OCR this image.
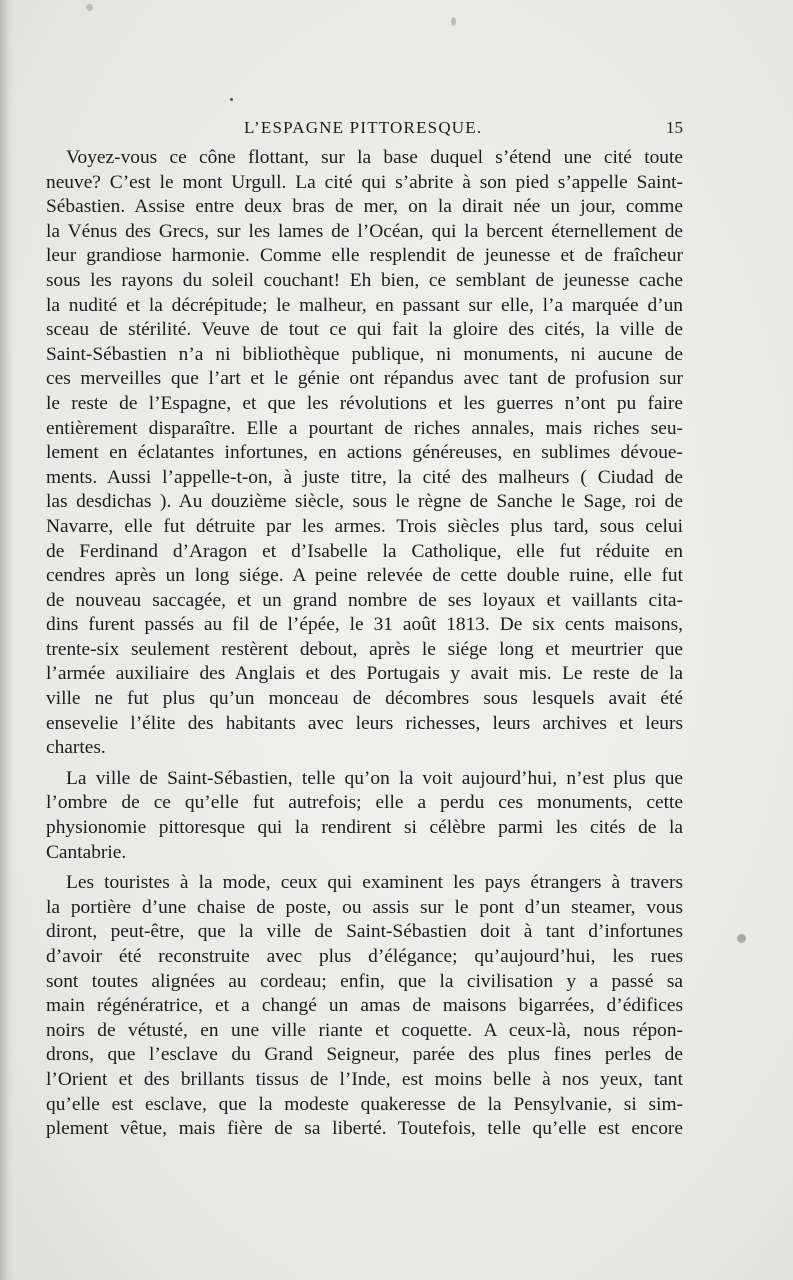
L’ESPAGNE PITTORESQUE.	15
Voyez-vous ce cône flottant, sur la base duquel s’étend une cité toute
neuve? C’est le mont Urgull. La cité qui s’abrite à son pied s’appelle Saint-
Sébastien. Assise entre deux bras de mer, on la dirait née un jour, comme
la Vénus des Grecs, sur les lames de l’Océan, qui la bercent éternellement de
leur grandiose harmonie. Comme elle resplendit de jeunesse et de fraîcheur
sous les rayons du soleil couchant! Eh bien, ce semblant de jeunesse cache
la nudité et la décrépitude; le malheur, en passant sur elle, l’a marquée d’un
sceau de stérilité. Veuve de tout ce qui fait la gloire des cités, la ville de
Saint-Sébastien n’a ni bibliothèque publique, ni monuments, ni aucune de
ces merveilles que l’art et le génie ont répandus avec tant de profusion sur
le reste de l’Espagne, et que les révolutions et les guerres n’ont pu faire
entièrement disparaître. Elle a pourtant de riches annales, mais riches seu-
lement en éclatantes infortunes, en actions généreuses, en sublimes dévoue-
ments. Aussi l’appelle-t-on, à juste titre, la cité des malheurs ( Ciudad de
las desdichas ). Au douzième siècle, sous le règne de Sanche le Sage, roi de
Navarre, elle fut détruite par les armes. Trois siècles plus tard, sous celui
de Ferdinand d’Aragon et d’Isabelle la Catholique, elle fut réduite en
cendres après un long siége. A peine relevée de cette double ruine, elle fut
de nouveau saccagée, et un grand nombre de ses loyaux et vaillants cita-
dins furent passés au fil de l’épée, le 31 août 1813. De six cents maisons,
trente-six seulement restèrent debout, après le siége long et meurtrier que
l’armée auxiliaire des Anglais et des Portugais y avait mis. Le reste de la
ville ne fut plus qu’un monceau de décombres sous lesquels avait été
ensevelie l’élite des habitants avec leurs richesses, leurs archives et leurs
chartes.
La ville de Saint-Sébastien, telle qu’on la voit aujourd’hui, n’est plus que
l’ombre de ce qu’elle fut autrefois; elle a perdu ces monuments, cette
physionomie pittoresque qui la rendirent si célèbre parmi les cités de la
Cantabrie.
Les touristes à la mode, ceux qui examinent les pays étrangers à travers
la portière d’une chaise de poste, ou assis sur le pont d’un steamer, vous
diront, peut-être, que la ville de Saint-Sébastien doit à tant d’infortunes
d’avoir été reconstruite avec plus d’élégance; qu’aujourd’hui, les rues
sont toutes alignées au cordeau; enfin, que la civilisation y a passé sa
main régénératrice, et a changé un amas de maisons bigarrées, d’édifices
noirs de vétusté, en une ville riante et coquette. A ceux-là, nous répon-
drons, que l’esclave du Grand Seigneur, parée des plus fines perles de
l’Orient et des brillants tissus de l’Inde, est moins belle à nos yeux, tant
qu’elle est esclave, que la modeste quakeresse de la Pensylvanie, si sim-
plement vêtue, mais fière de sa liberté. Toutefois, telle qu’elle est encore
